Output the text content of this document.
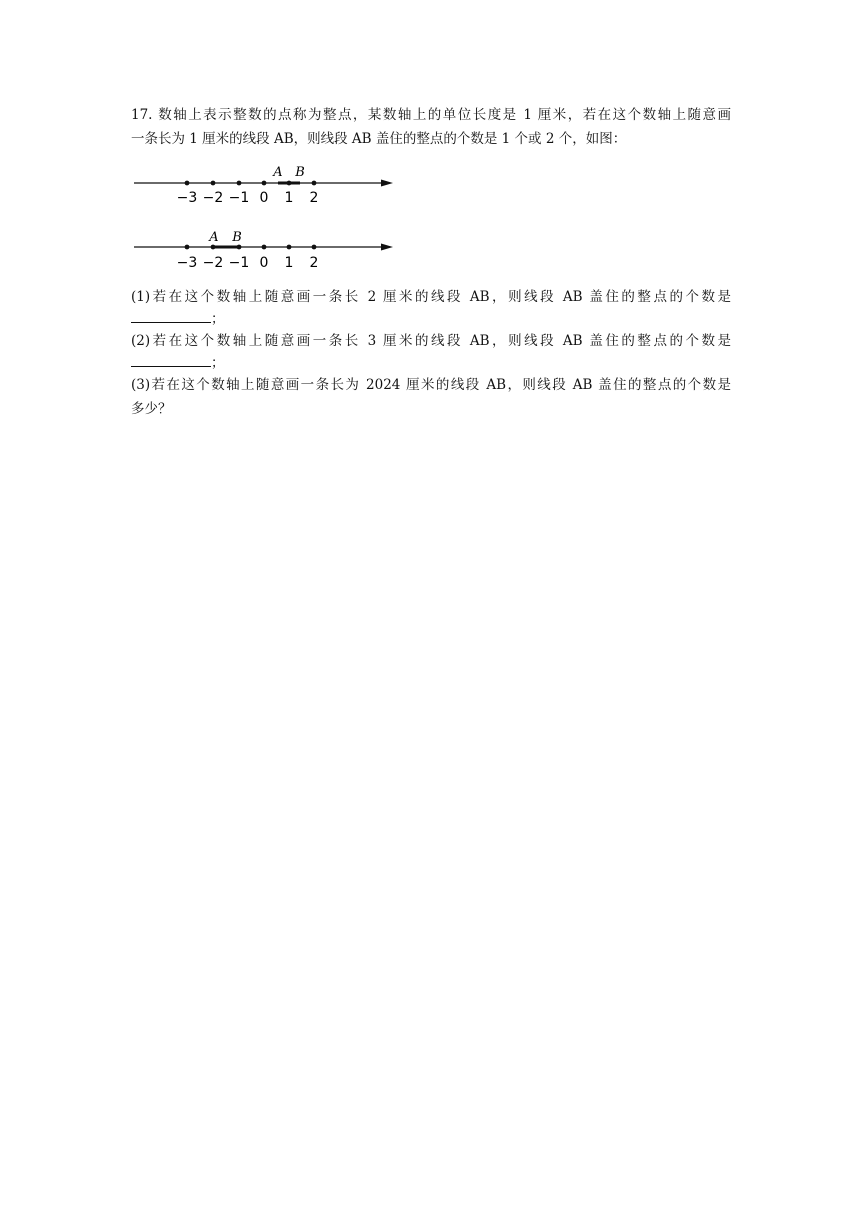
17. 数轴上表示整数的点称为整点，某数轴上的单位长度是 1 厘米，若在这个数轴上随意画
一条长为 1 厘米的线段 AB，则线段 AB 盖住的整点的个数是 1 个或 2 个，如图：
A B
−3 −2 −1 0 1 2
A B
−3 −2 −1 0 1 2
(1)若在这个数轴上随意画一条长 2 厘米的线段 AB，则线段 AB 盖住的整点的个数是
；
(2)若在这个数轴上随意画一条长 3 厘米的线段 AB，则线段 AB 盖住的整点的个数是
；
(3)若在这个数轴上随意画一条长为 2024 厘米的线段 AB，则线段 AB 盖住的整点的个数是
多少？
